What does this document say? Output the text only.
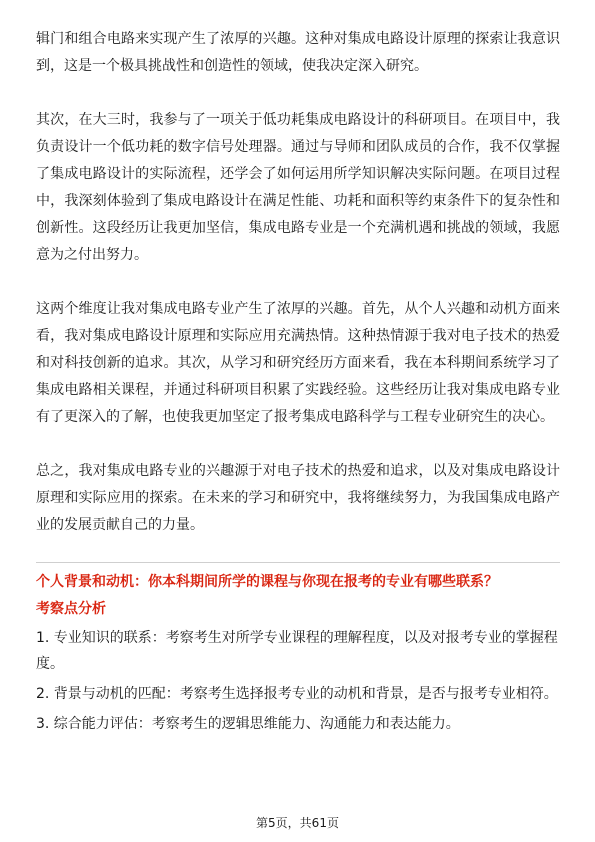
辑门和组合电路来实现产生了浓厚的兴趣。这种对集成电路设计原理的探索让我意识到，这是一个极具挑战性和创造性的领域，使我决定深入研究。

其次，在大三时，我参与了一项关于低功耗集成电路设计的科研项目。在项目中，我负责设计一个低功耗的数字信号处理器。通过与导师和团队成员的合作，我不仅掌握了集成电路设计的实际流程，还学会了如何运用所学知识解决实际问题。在项目过程中，我深刻体验到了集成电路设计在满足性能、功耗和面积等约束条件下的复杂性和创新性。这段经历让我更加坚信，集成电路专业是一个充满机遇和挑战的领域，我愿意为之付出努力。

这两个维度让我对集成电路专业产生了浓厚的兴趣。首先，从个人兴趣和动机方面来看，我对集成电路设计原理和实际应用充满热情。这种热情源于我对电子技术的热爱和对科技创新的追求。其次，从学习和研究经历方面来看，我在本科期间系统学习了集成电路相关课程，并通过科研项目积累了实践经验。这些经历让我对集成电路专业有了更深入的了解，也使我更加坚定了报考集成电路科学与工程专业研究生的决心。

总之，我对集成电路专业的兴趣源于对电子技术的热爱和追求，以及对集成电路设计原理和实际应用的探索。在未来的学习和研究中，我将继续努力，为我国集成电路产业的发展贡献自己的力量。

个人背景和动机：你本科期间所学的课程与你现在报考的专业有哪些联系？

考察点分析

1. 专业知识的联系：考察考生对所学专业课程的理解程度，以及对报考专业的掌握程度。
2. 背景与动机的匹配：考察考生选择报考专业的动机和背景，是否与报考专业相符。
3. 综合能力评估：考察考生的逻辑思维能力、沟通能力和表达能力。
第5页，共61页
